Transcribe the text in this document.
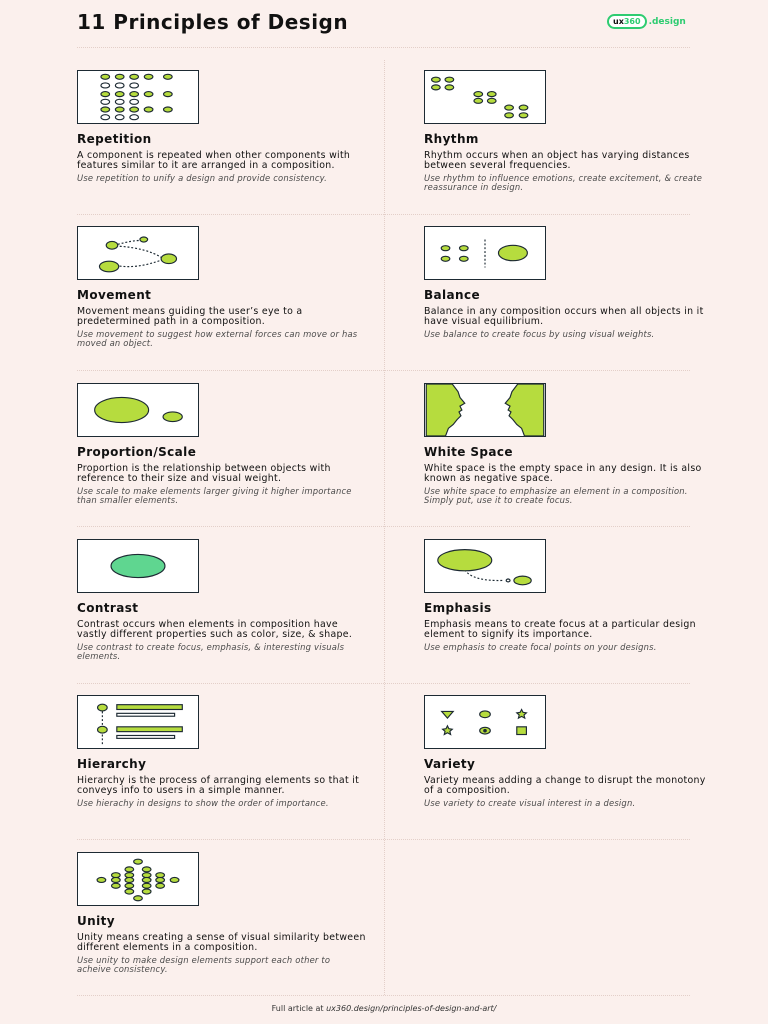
11 Principles of Design	ux360 .design
Repetition
A component is repeated when other components with features similar to it are arranged in a composition.
Use repetition to unify a design and provide consistency.
Rhythm
Rhythm occurs when an object has varying distances between several frequencies.
Use rhythm to influence emotions, create excitement, & create reassurance in design.
Movement
Movement means guiding the user’s eye to a predetermined path in a composition.
Use movement to suggest how external forces can move or has moved an object.
Balance
Balance in any composition occurs when all objects in it have visual equilibrium.
Use balance to create focus by using visual weights.
Proportion/Scale
Proportion is the relationship between objects with reference to their size and visual weight.
Use scale to make elements larger giving it higher importance than smaller elements.
White Space
White space is the empty space in any design. It is also known as negative space.
Use white space to emphasize an element in a composition. Simply put, use it to create focus.
Contrast
Contrast occurs when elements in composition have vastly different properties such as color, size, & shape.
Use contrast to create focus, emphasis, & interesting visuals elements.
Emphasis
Emphasis means to create focus at a particular design element to signify its importance.
Use emphasis to create focal points on your designs.
Hierarchy
Hierarchy is the process of arranging elements so that it conveys info to users in a simple manner.
Use hierachy in designs to show the order of importance.
Variety
Variety means adding a change to disrupt the monotony of a composition.
Use variety to create visual interest in a design.
Unity
Unity means creating a sense of visual similarity between different elements in a composition.
Use unity to make design elements support each other to acheive consistency.
Full article at ux360.design/principles-of-design-and-art/
